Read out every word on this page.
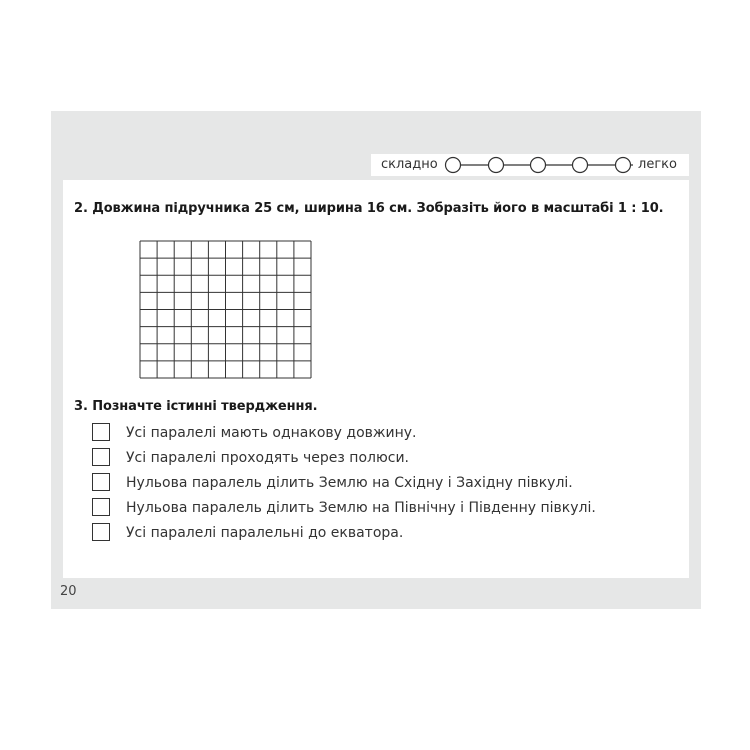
складно	легко
2. Довжина підручника 25 см, ширина 16 см. Зобразіть його в масштабі 1 : 10.
3. Позначте істинні твердження.
Усі паралелі мають однакову довжину.
Усі паралелі проходять через полюси.
Нульова паралель ділить Землю на Східну і Західну півкулі.
Нульова паралель ділить Землю на Північну і Південну півкулі.
Усі паралелі паралельні до екватора.
20
